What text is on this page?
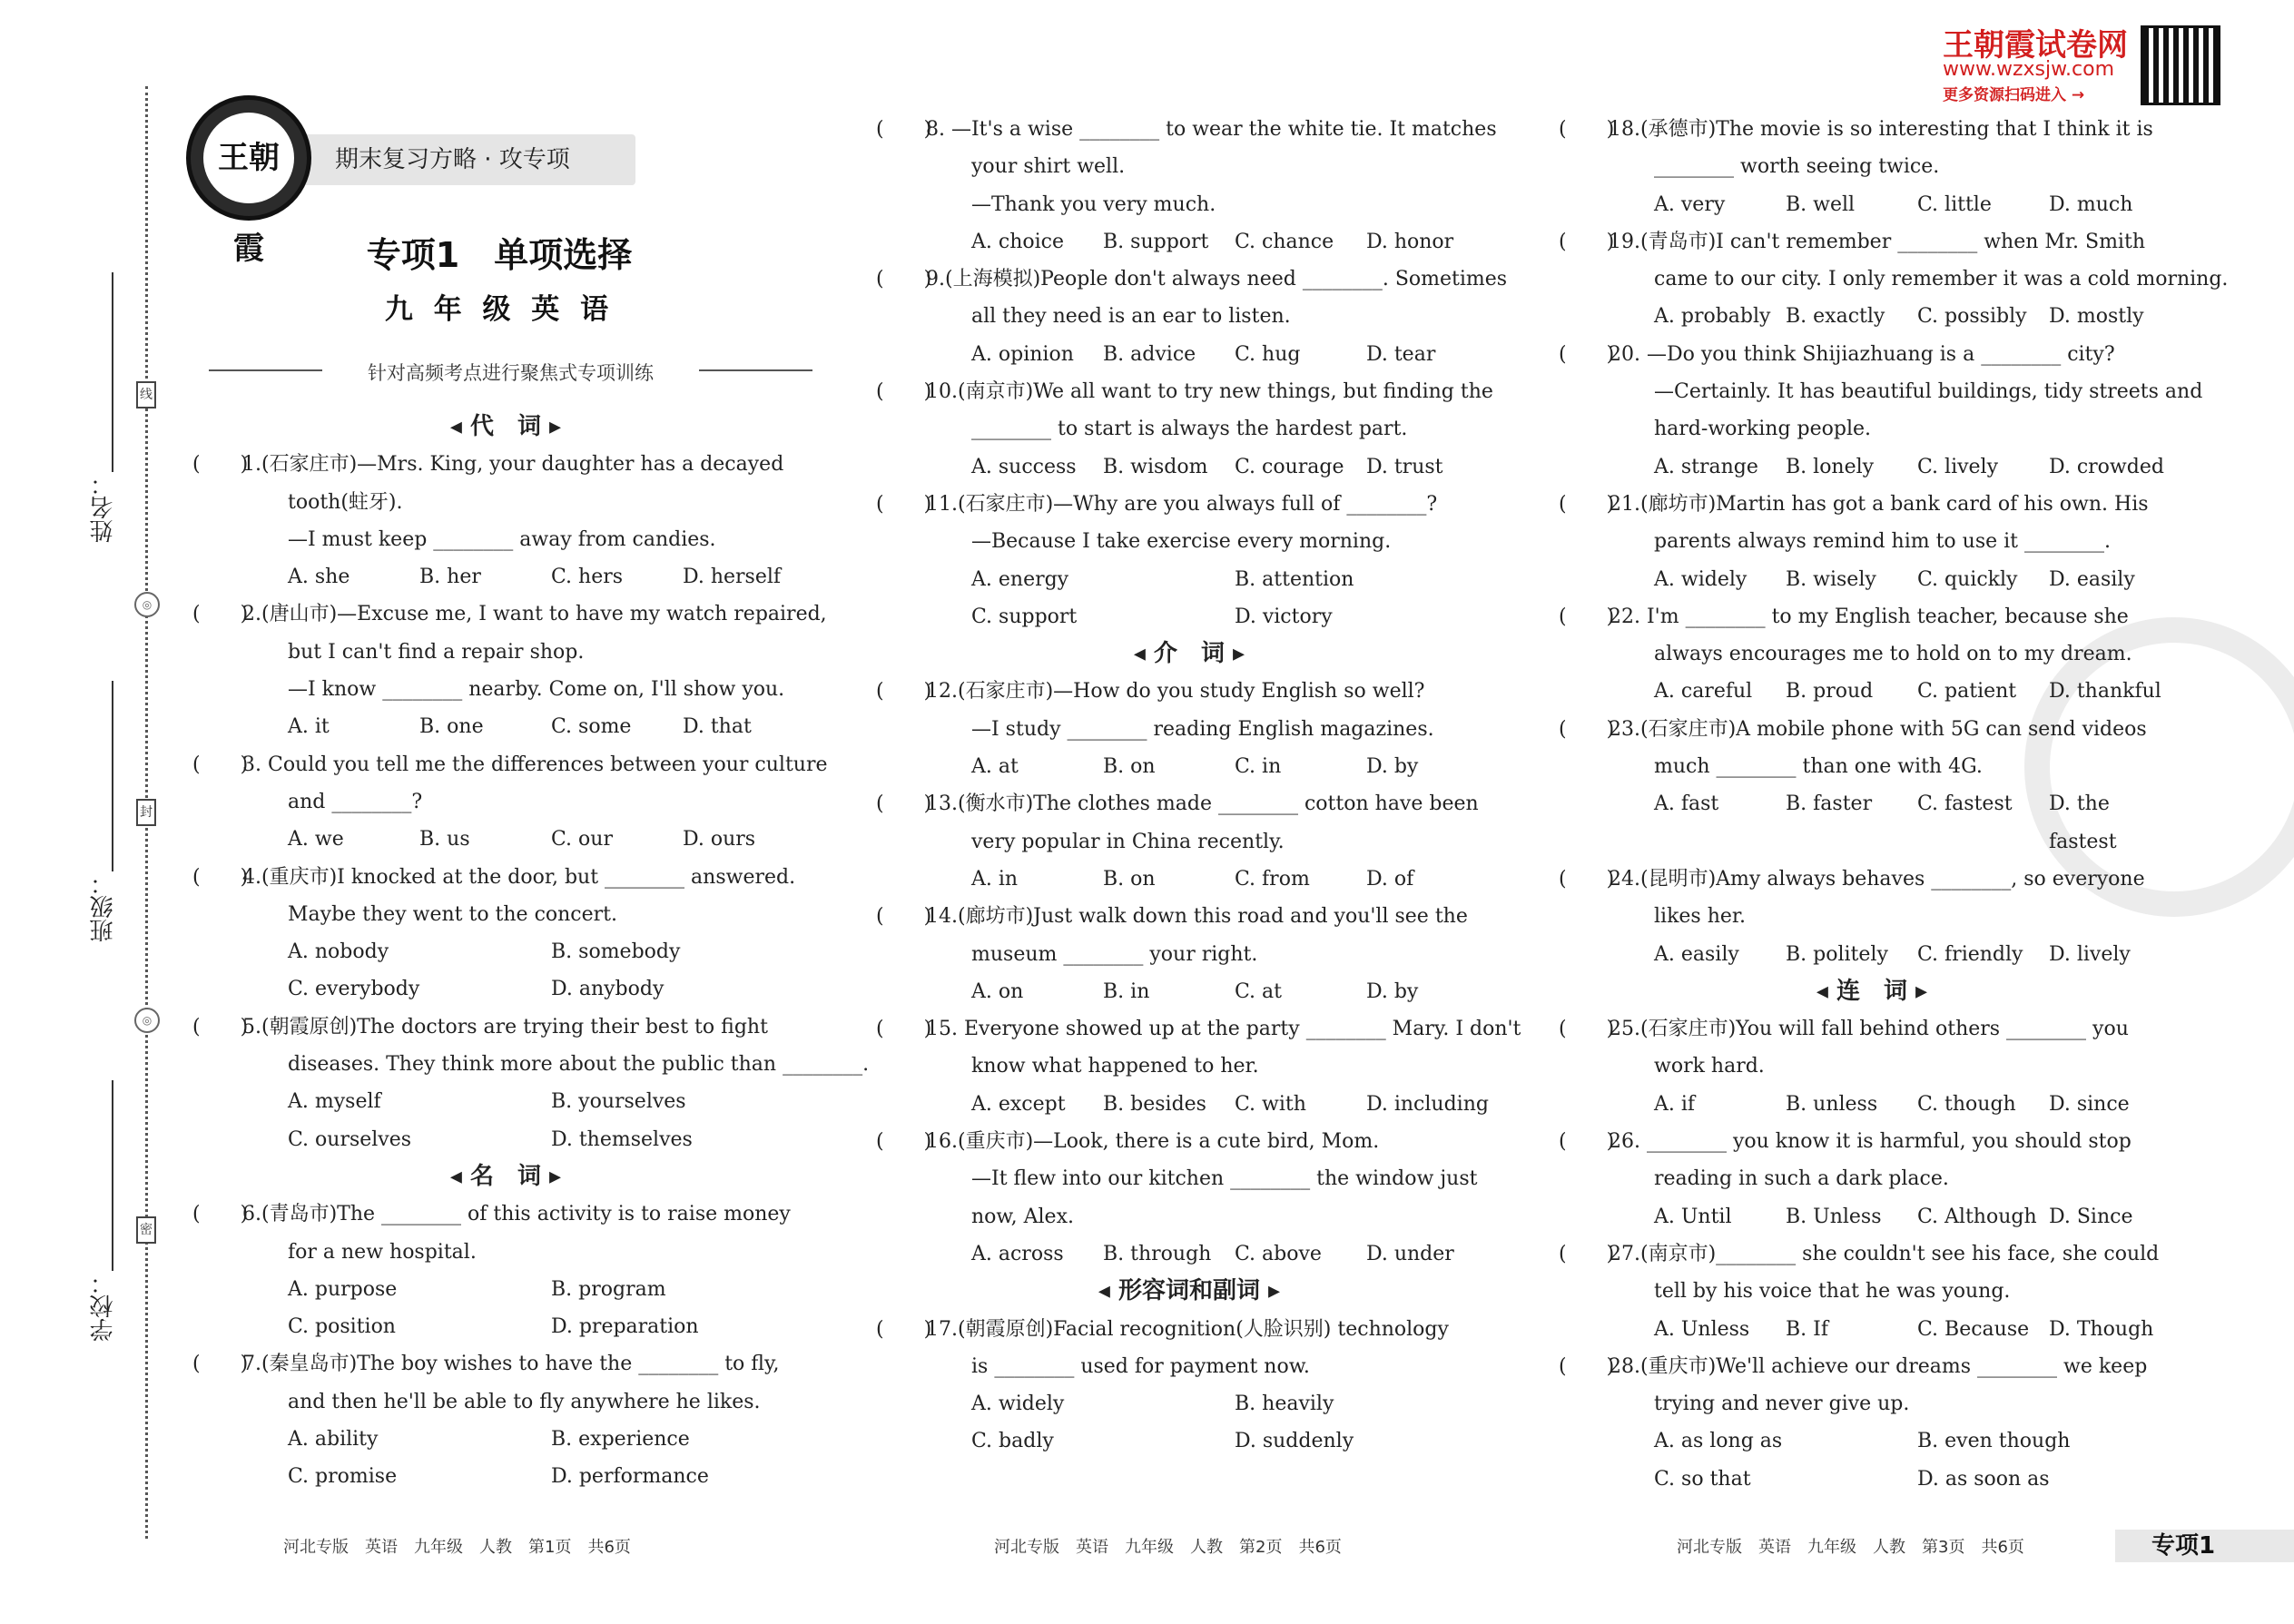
线
封
密
◎
◎
姓名：
班级：
学校：
期末复习方略 · 攻专项
王朝霞	专项1　单项选择
九 年 级 英 语
针对高频考点进行聚焦式专项训练
王朝霞试卷网
www.wzxsjw.com
更多资源扫码进入 →
◂ 代　词 ▸
(　　)
1.(石家庄市)—Mrs. King, your daughter has a decayed
tooth(蛀牙).
—I must keep ________ away from candies.
A. she	B. her	C. hers	D. herself
(　　)
2.(唐山市)—Excuse me, I want to have my watch repaired,
but I can't find a repair shop.
—I know ________ nearby. Come on, I'll show you.
A. it	B. one	C. some	D. that
(　　)
3. Could you tell me the differences between your culture
and ________?
A. we	B. us	C. our	D. ours
(　　)
4.(重庆市)I knocked at the door, but ________ answered.
Maybe they went to the concert.
A. nobody	B. somebody
C. everybody	D. anybody
(　　)
5.(朝霞原创)The doctors are trying their best to fight
diseases. They think more about the public than ________.
A. myself	B. yourselves
C. ourselves	D. themselves
◂ 名　词 ▸
(　　)
6.(青岛市)The ________ of this activity is to raise money
for a new hospital.
A. purpose	B. program
C. position	D. preparation
(　　)
7.(秦皇岛市)The boy wishes to have the ________ to fly,
and then he'll be able to fly anywhere he likes.
A. ability	B. experience
C. promise	D. performance
(　　)
8. —It's a wise ________ to wear the white tie. It matches
your shirt well.
—Thank you very much.
A. choice	B. support	C. chance	D. honor
(　　)
9.(上海模拟)People don't always need ________. Sometimes
all they need is an ear to listen.
A. opinion	B. advice	C. hug	D. tear
(　　)
10.(南京市)We all want to try new things, but finding the
________ to start is always the hardest part.
A. success	B. wisdom	C. courage	D. trust
(　　)
11.(石家庄市)—Why are you always full of ________?
—Because I take exercise every morning.
A. energy	B. attention
C. support	D. victory
◂ 介　词 ▸
(　　)
12.(石家庄市)—How do you study English so well?
—I study ________ reading English magazines.
A. at	B. on	C. in	D. by
(　　)
13.(衡水市)The clothes made ________ cotton have been
very popular in China recently.
A. in	B. on	C. from	D. of
(　　)
14.(廊坊市)Just walk down this road and you'll see the
museum ________ your right.
A. on	B. in	C. at	D. by
(　　)
15. Everyone showed up at the party ________ Mary. I don't
know what happened to her.
A. except	B. besides	C. with	D. including
(　　)
16.(重庆市)—Look, there is a cute bird, Mom.
—It flew into our kitchen ________ the window just
now, Alex.
A. across	B. through	C. above	D. under
◂ 形容词和副词 ▸
(　　)
17.(朝霞原创)Facial recognition(人脸识别) technology
is ________ used for payment now.
A. widely	B. heavily
C. badly	D. suddenly
(　　)
18.(承德市)The movie is so interesting that I think it is
________ worth seeing twice.
A. very	B. well	C. little	D. much
(　　)
19.(青岛市)I can't remember ________ when Mr. Smith
came to our city. I only remember it was a cold morning.
A. probably B. exactly	C. possibly	D. mostly
(　　)
20. —Do you think Shijiazhuang is a ________ city?
—Certainly. It has beautiful buildings, tidy streets and
hard-working people.
A. strange	B. lonely	C. lively	D. crowded
(　　)
21.(廊坊市)Martin has got a bank card of his own. His
parents always remind him to use it ________.
A. widely	B. wisely	C. quickly	D. easily
(　　)
22. I'm ________ to my English teacher, because she
always encourages me to hold on to my dream.
A. careful	B. proud	C. patient	D. thankful
(　　)
23.(石家庄市)A mobile phone with 5G can send videos
much ________ than one with 4G.
A. fast	B. faster	C. fastest	D. the fastest
(　　)
24.(昆明市)Amy always behaves ________, so everyone
likes her.
A. easily	B. politely	C. friendly	D. lively
◂ 连　词 ▸
(　　)
25.(石家庄市)You will fall behind others ________ you
work hard.
A. if	B. unless	C. though	D. since
(　　)
26. ________ you know it is harmful, you should stop
reading in such a dark place.
A. Until	B. Unless	C. Although D. Since
(　　)
27.(南京市)________ she couldn't see his face, she could
tell by his voice that he was young.
A. Unless	B. If	C. Because D. Though
(　　)
28.(重庆市)We'll achieve our dreams ________ we keep
trying and never give up.
A. as long as	B. even though
C. so that	D. as soon as
河北专版　英语　九年级　人教　第1页　共6页	河北专版　英语　九年级　人教　第2页　共6页	河北专版　英语　九年级　人教　第3页　共6页	专项1
